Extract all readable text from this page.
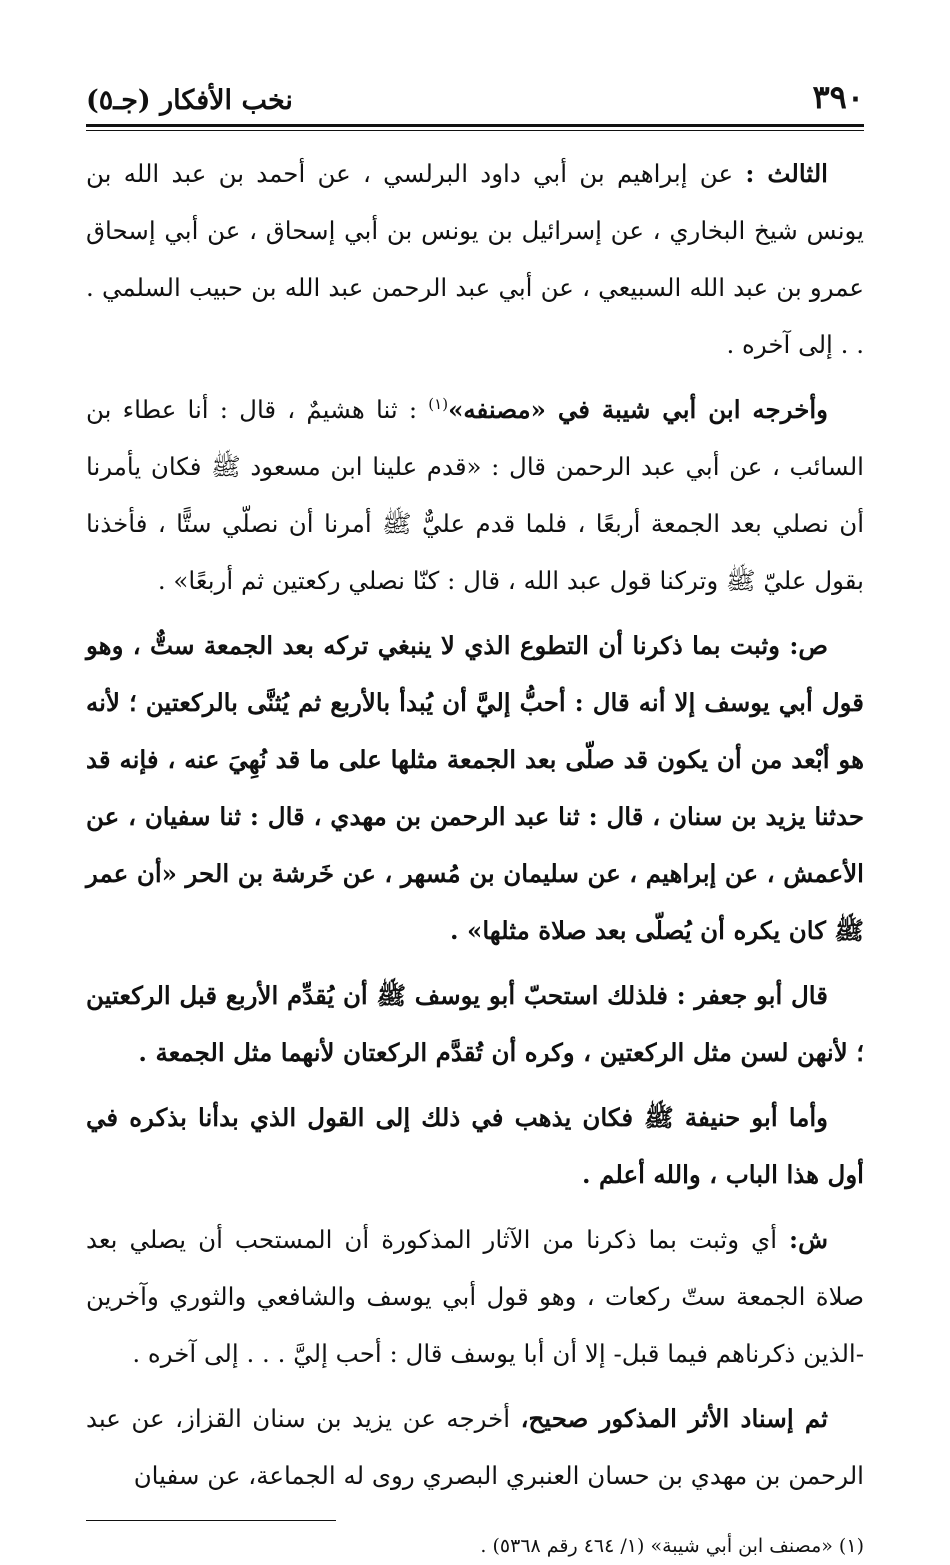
٣٩٠
نخب الأفكار (جـ٥)

الثالث : عن إبراهيم بن أبي داود البرلسي ، عن أحمد بن عبد الله بن يونس شيخ البخاري ، عن إسرائيل بن يونس بن أبي إسحاق ، عن أبي إسحاق عمرو بن عبد الله السبيعي ، عن أبي عبد الرحمن عبد الله بن حبيب السلمي . . . إلى آخره .

وأخرجه ابن أبي شيبة في «مصنفه»$^{(١)}$ : ثنا هشيمٌ ، قال : أنا عطاء بن السائب ، عن أبي عبد الرحمن قال : «قدم علينا ابن مسعود ﷺ فكان يأمرنا أن نصلي بعد الجمعة أربعًا ، فلما قدم عليٌّ ﷺ أمرنا أن نصلّي ستًّا ، فأخذنا بقول عليّ ﷺ وتركنا قول عبد الله ، قال : كنّا نصلي ركعتين ثم أربعًا» .

ص: وثبت بما ذكرنا أن التطوع الذي لا ينبغي تركه بعد الجمعة ستٌّ ، وهو قول أبي يوسف إلا أنه قال : أحبُّ إليَّ أن يُبدأ بالأربع ثم يُثنَّى بالركعتين ؛ لأنه هو أبْعد من أن يكون قد صلّى بعد الجمعة مثلها على ما قد نُهِيَ عنه ، فإنه قد حدثنا يزيد بن سنان ، قال : ثنا عبد الرحمن بن مهدي ، قال : ثنا سفيان ، عن الأعمش ، عن إبراهيم ، عن سليمان بن مُسهر ، عن خَرشة بن الحر «أن عمر ﷺ كان يكره أن يُصلّى بعد صلاة مثلها» .

قال أبو جعفر : فلذلك استحبّ أبو يوسف ﷺ أن يُقدِّم الأربع قبل الركعتين ؛ لأنهن لسن مثل الركعتين ، وكره أن تُقدَّم الركعتان لأنهما مثل الجمعة .

وأما أبو حنيفة ﷺ فكان يذهب في ذلك إلى القول الذي بدأنا بذكره في أول هذا الباب ، والله أعلم .

ش: أي وثبت بما ذكرنا من الآثار المذكورة أن المستحب أن يصلي بعد صلاة الجمعة ستّ ركعات ، وهو قول أبي يوسف والشافعي والثوري وآخرين -الذين ذكرناهم فيما قبل- إلا أن أبا يوسف قال : أحب إليَّ . . . إلى آخره .

ثم إسناد الأثر المذكور صحيح، أخرجه عن يزيد بن سنان القزاز، عن عبد الرحمن بن مهدي بن حسان العنبري البصري روى له الجماعة، عن سفيان

(١) «مصنف ابن أبي شيبة» (١/ ٤٦٤ رقم ٥٣٦٨) .
